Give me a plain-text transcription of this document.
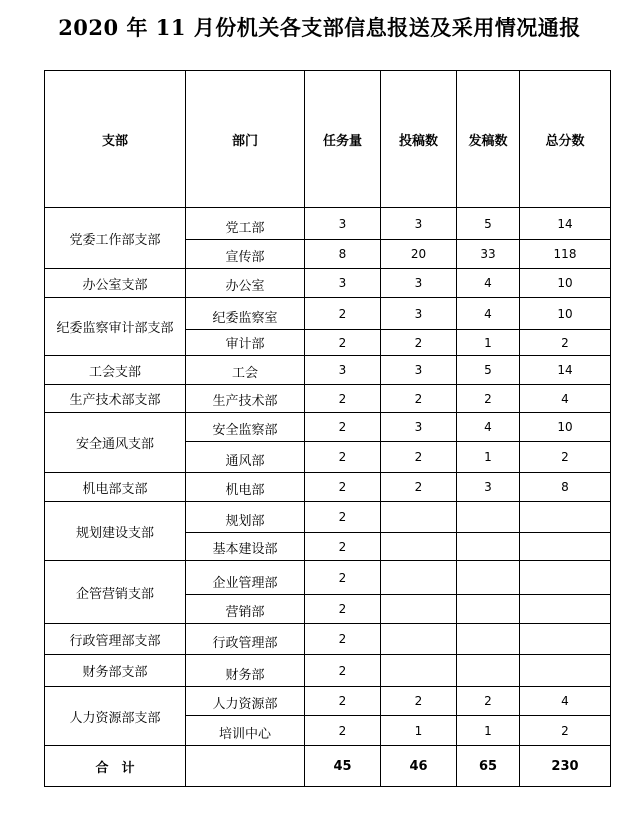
2020 年 11 月份机关各支部信息报送及采用情况通报
支部	部门	任务量	投稿数	发稿数	总分数
党委工作部支部	党工部	3	3	5	14
	宣传部	8	20	33	118
办公室支部	办公室	3	3	4	10
纪委监察审计部支部	纪委监察室	2	3	4	10
	审计部	2	2	1	2
工会支部	工会	3	3	5	14
生产技术部支部	生产技术部	2	2	2	4
安全通风支部	安全监察部	2	3	4	10
	通风部	2	2	1	2
机电部支部	机电部	2	2	3	8
规划建设支部	规划部	2			
	基本建设部	2			
企管营销支部	企业管理部	2			
	营销部	2			
行政管理部支部	行政管理部	2			
财务部支部	财务部	2			
人力资源部支部	人力资源部	2	2	2	4
	培训中心	2	1	1	2
合　计		45	46	65	230
